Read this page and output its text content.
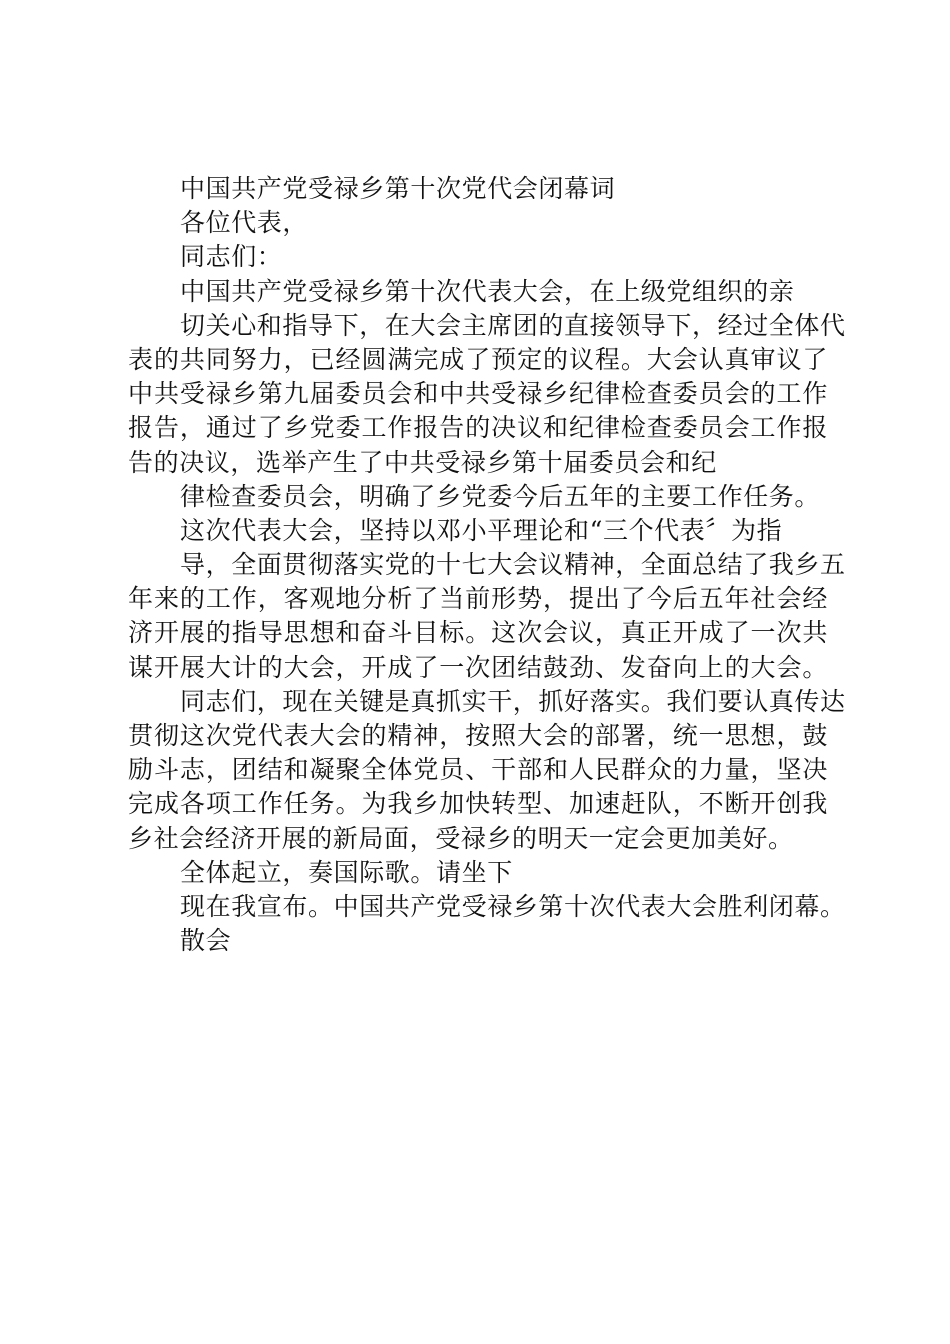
中国共产党受禄乡第十次党代会闭幕词
各位代表，
同志们：
中国共产党受禄乡第十次代表大会，在上级党组织的亲
切关心和指导下，在大会主席团的直接领导下，经过全体代
表的共同努力，已经圆满完成了预定的议程。大会认真审议了
中共受禄乡第九届委员会和中共受禄乡纪律检查委员会的工作
报告，通过了乡党委工作报告的决议和纪律检查委员会工作报
告的决议，选举产生了中共受禄乡第十届委员会和纪
律检查委员会，明确了乡党委今后五年的主要工作任务。
这次代表大会，坚持以邓小平理论和“三个代表〞为指
导，全面贯彻落实党的十七大会议精神，全面总结了我乡五
年来的工作，客观地分析了当前形势，提出了今后五年社会经
济开展的指导思想和奋斗目标。这次会议，真正开成了一次共
谋开展大计的大会，开成了一次团结鼓劲、发奋向上的大会。
同志们，现在关键是真抓实干，抓好落实。我们要认真传达
贯彻这次党代表大会的精神，按照大会的部署，统一思想，鼓
励斗志，团结和凝聚全体党员、干部和人民群众的力量，坚决
完成各项工作任务。为我乡加快转型、加速赶队，不断开创我
乡社会经济开展的新局面，受禄乡的明天一定会更加美好。
全体起立，奏国际歌。请坐下
现在我宣布。中国共产党受禄乡第十次代表大会胜利闭幕。
散会
